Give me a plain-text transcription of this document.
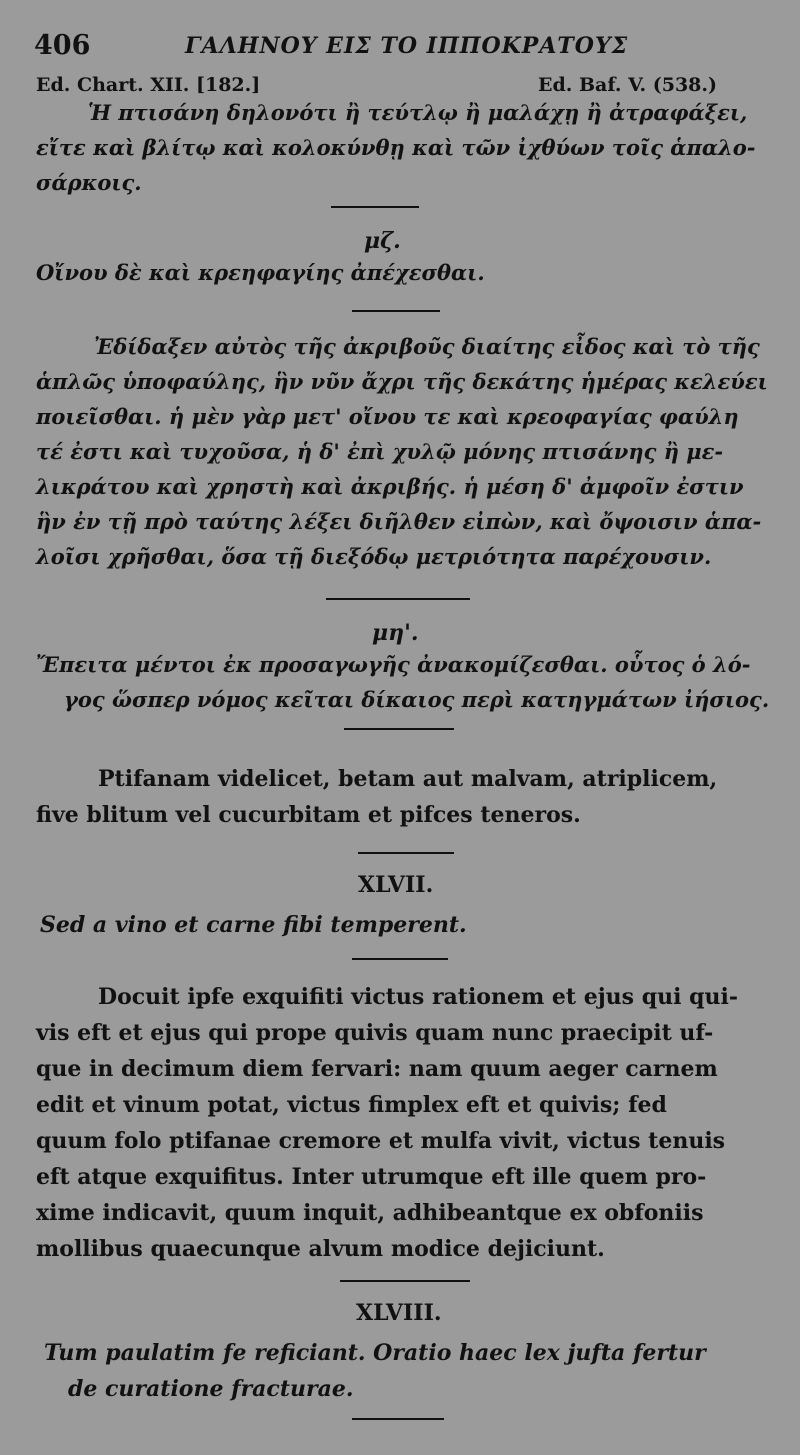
406	ΓΑΛΗΝΟΥ ΕΙΣ ΤΟ ΙΠΠΟΚΡΑΤΟΥΣ
Ed. Chart. XII. [182.]	Ed. Baf. V. (538.)
Ἡ πτισάνη δηλονότι ἢ τεύτλῳ ἢ μαλάχῃ ἢ ἀτραφάξει,
εἴτε καὶ βλίτῳ καὶ κολοκύνθῃ καὶ τῶν ἰχθύων τοῖς ἁπαλο-
σάρκοις.
μζ.
Οἴνου δὲ καὶ κρεηφαγίης ἀπέχεσθαι.
Ἐδίδαξεν αὐτὸς τῆς ἀκριβοῦς διαίτης εἶδος καὶ τὸ τῆς
ἁπλῶς ὑποφαύλης, ἣν νῦν ἄχρι τῆς δεκάτης ἡμέρας κελεύει
ποιεῖσθαι. ἡ μὲν γὰρ μετ' οἴνου τε καὶ κρεοφαγίας φαύλη
τέ ἐστι καὶ τυχοῦσα, ἡ δ' ἐπὶ χυλῷ μόνης πτισάνης ἢ με-
λικράτου καὶ χρηστὴ καὶ ἀκριβής. ἡ μέση δ' ἀμφοῖν ἐστιν
ἣν ἐν τῇ πρὸ ταύτης λέξει διῆλθεν εἰπὼν, καὶ ὄψοισιν ἁπα-
λοῖσι χρῆσθαι, ὅσα τῇ διεξόδῳ μετριότητα παρέχουσιν.
μη'.
Ἔπειτα μέντοι ἐκ προσαγωγῆς ἀνακομίζεσθαι. οὗτος ὁ λό-
γος ὥσπερ νόμος κεῖται δίκαιος περὶ κατηγμάτων ἰήσιος.
Ptifanam videlicet, betam aut malvam, atriplicem,
five blitum vel cucurbitam et pifces teneros.
XLVII.
Sed a vino et carne fibi temperent.
Docuit ipfe exquifiti victus rationem et ejus qui qui-
vis eft et ejus qui prope quivis quam nunc praecipit uf-
que in decimum diem fervari: nam quum aeger carnem
edit et vinum potat, victus fimplex eft et quivis; fed
quum folo ptifanae cremore et mulfa vivit, victus tenuis
eft atque exquifitus. Inter utrumque eft ille quem pro-
xime indicavit, quum inquit, adhibeantque ex obfoniis
mollibus quaecunque alvum modice dejiciunt.
XLVIII.
Tum paulatim fe reficiant. Oratio haec lex jufta fertur
de curatione fracturae.
